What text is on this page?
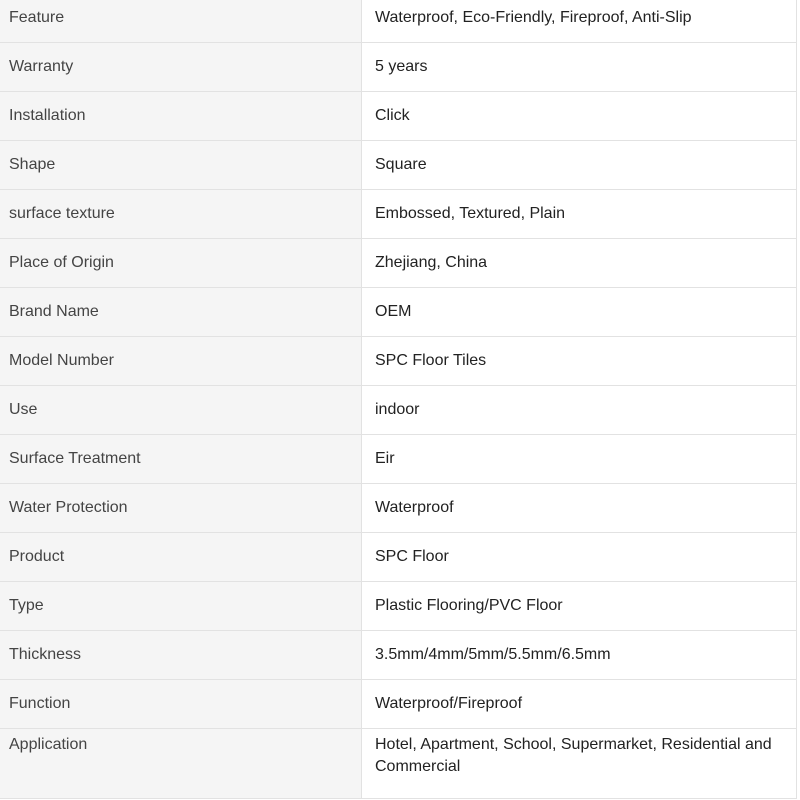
Feature	Waterproof, Eco-Friendly, Fireproof, Anti-Slip
Warranty	5 years
Installation	Click
Shape	Square
surface texture	Embossed, Textured, Plain
Place of Origin	Zhejiang, China
Brand Name	OEM
Model Number	SPC Floor Tiles
Use	indoor
Surface Treatment	Eir
Water Protection	Waterproof
Product	SPC Floor
Type	Plastic Flooring/PVC Floor
Thickness	3.5mm/4mm/5mm/5.5mm/6.5mm
Function	Waterproof/Fireproof
Application	Hotel, Apartment, School, Supermarket, Residential and Commercial
